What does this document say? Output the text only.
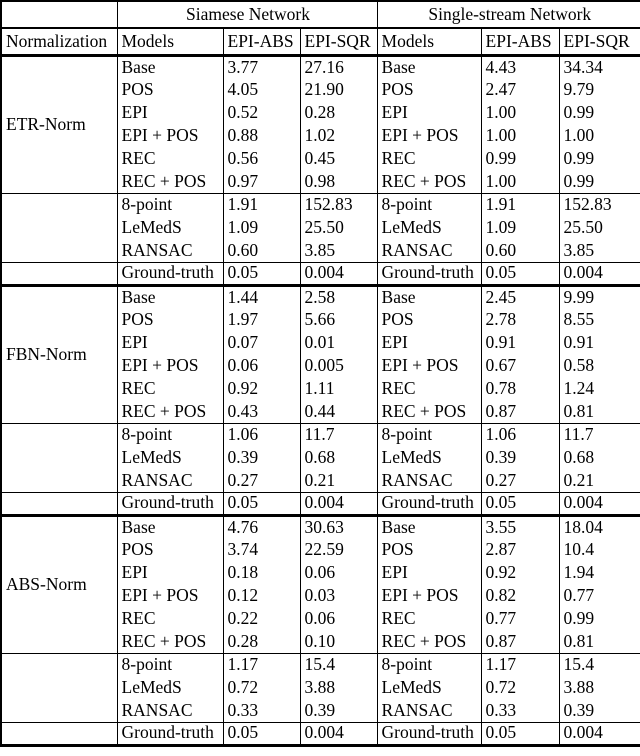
	Siamese Network			Single-stream Network		
Normalization	Models	EPI-ABS	EPI-SQR	Models	EPI-ABS	EPI-SQR
ETR-Norm	Base	3.77	27.16	Base	4.43	34.34
	POS	4.05	21.90	POS	2.47	9.79
	EPI	0.52	0.28	EPI	1.00	0.99
	EPI + POS	0.88	1.02	EPI + POS	1.00	1.00
	REC	0.56	0.45	REC	0.99	0.99
	REC + POS	0.97	0.98	REC + POS	1.00	0.99
	8-point	1.91	152.83	8-point	1.91	152.83
	LeMedS	1.09	25.50	LeMedS	1.09	25.50
	RANSAC	0.60	3.85	RANSAC	0.60	3.85
	Ground-truth	0.05	0.004	Ground-truth	0.05	0.004
FBN-Norm	Base	1.44	2.58	Base	2.45	9.99
	POS	1.97	5.66	POS	2.78	8.55
	EPI	0.07	0.01	EPI	0.91	0.91
	EPI + POS	0.06	0.005	EPI + POS	0.67	0.58
	REC	0.92	1.11	REC	0.78	1.24
	REC + POS	0.43	0.44	REC + POS	0.87	0.81
	8-point	1.06	11.7	8-point	1.06	11.7
	LeMedS	0.39	0.68	LeMedS	0.39	0.68
	RANSAC	0.27	0.21	RANSAC	0.27	0.21
	Ground-truth	0.05	0.004	Ground-truth	0.05	0.004
ABS-Norm	Base	4.76	30.63	Base	3.55	18.04
	POS	3.74	22.59	POS	2.87	10.4
	EPI	0.18	0.06	EPI	0.92	1.94
	EPI + POS	0.12	0.03	EPI + POS	0.82	0.77
	REC	0.22	0.06	REC	0.77	0.99
	REC + POS	0.28	0.10	REC + POS	0.87	0.81
	8-point	1.17	15.4	8-point	1.17	15.4
	LeMedS	0.72	3.88	LeMedS	0.72	3.88
	RANSAC	0.33	0.39	RANSAC	0.33	0.39
	Ground-truth	0.05	0.004	Ground-truth	0.05	0.004
